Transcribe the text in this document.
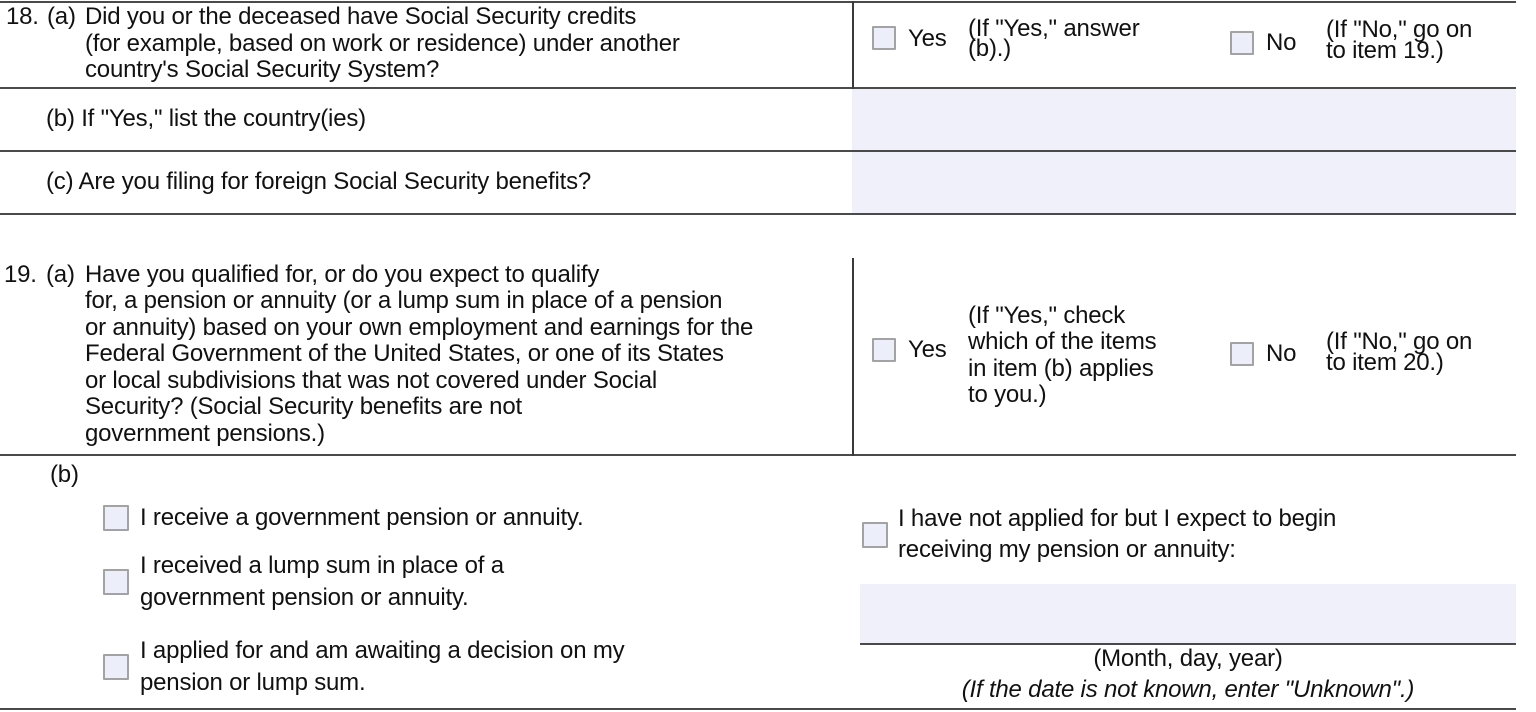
18. (a) Did you or the deceased have Social Security credits
(for example, based on work or residence) under another
country's Social Security System?
Yes (If "Yes," answer
(b).)	No (If "No," go on
to item 19.)
(b) If "Yes," list the country(ies)
(c) Are you filing for foreign Social Security benefits?
19. (a) Have you qualified for, or do you expect to qualify
for, a pension or annuity (or a lump sum in place of a pension
or annuity) based on your own employment and earnings for the
Federal Government of the United States, or one of its States
or local subdivisions that was not covered under Social
Security? (Social Security benefits are not
government pensions.)
Yes
(If "Yes," check
which of the items
in item (b) applies
to you.)
No (If "No," go on
to item 20.)
(b)
I receive a government pension or annuity.
I received a lump sum in place of a
government pension or annuity.
I applied for and am awaiting a decision on my
pension or lump sum.
I have not applied for but I expect to begin
receiving my pension or annuity:
(Month, day, year)
(If the date is not known, enter "Unknown".)
